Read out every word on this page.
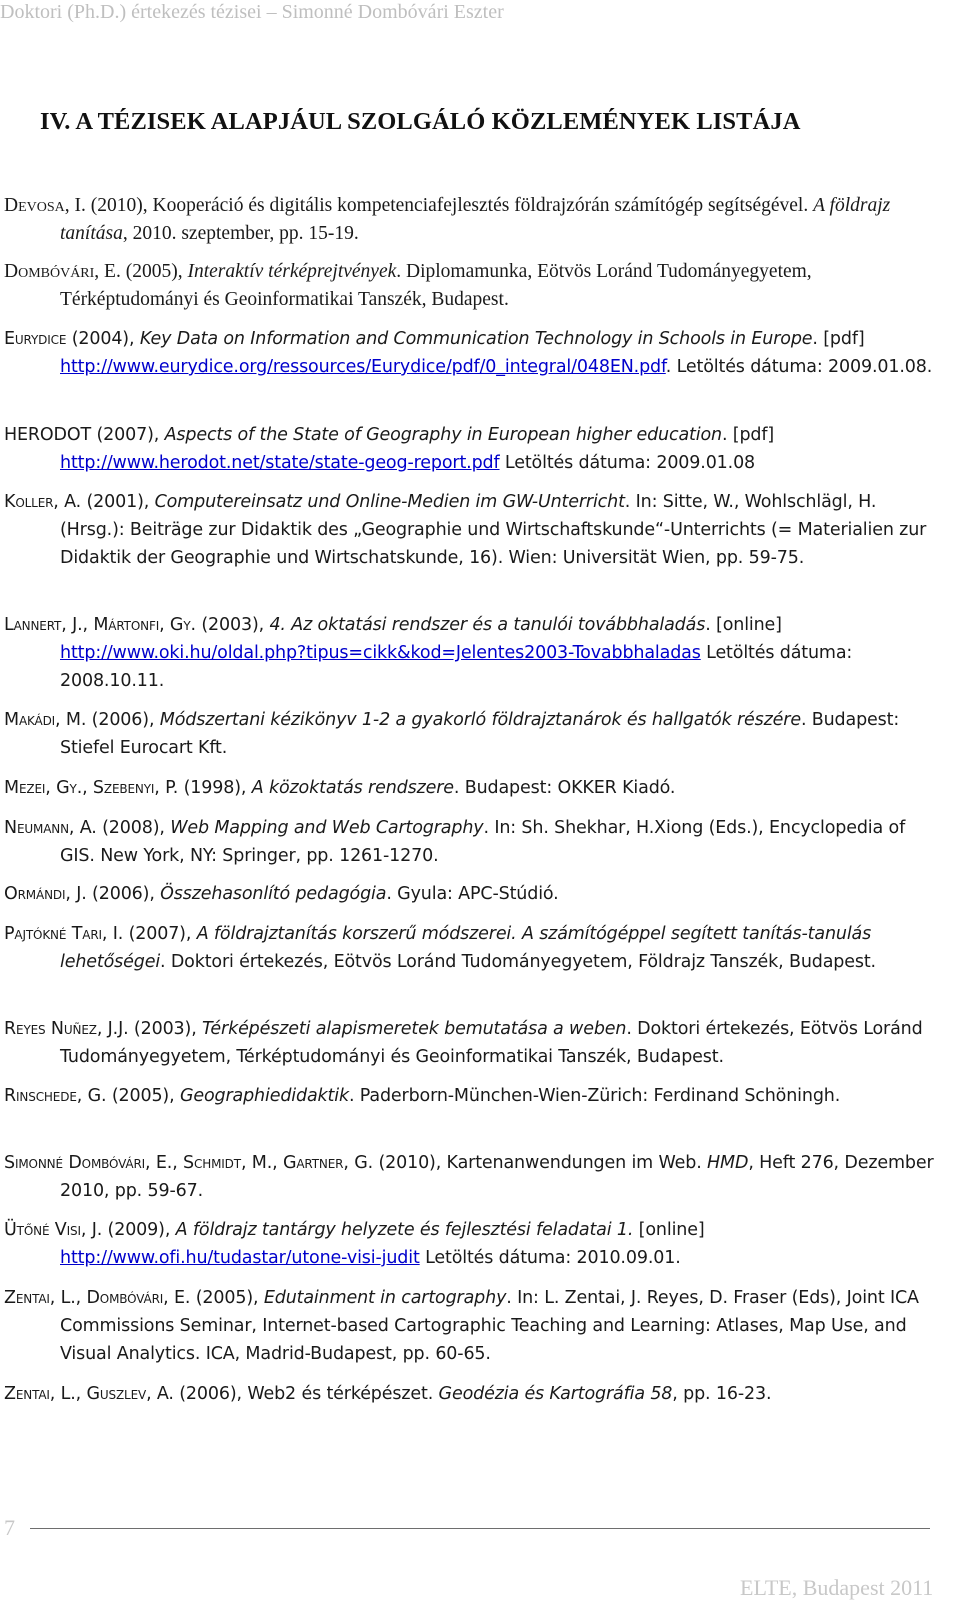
Doktori (Ph.D.) értekezés tézisei – Simonné Dombóvári Eszter
IV. A TÉZISEK ALAPJÁUL SZOLGÁLÓ KÖZLEMÉNYEK LISTÁJA

Devosa, I. (2010), Kooperáció és digitális kompetenciafejlesztés földrajzórán számítógép segítségével. A földrajz tanítása, 2010. szeptember, pp. 15-19.

Dombóvári, E. (2005), Interaktív térképrejtvények. Diplomamunka, Eötvös Loránd Tudományegyetem, Térképtudományi és Geoinformatikai Tanszék, Budapest.

Eurydice (2004), Key Data on Information and Communication Technology in Schools in Europe. [pdf] http://www.eurydice.org/ressources/Eurydice/pdf/0_integral/048EN.pdf. Letöltés dátuma: 2009.01.08.

HERODOT (2007), Aspects of the State of Geography in European higher education. [pdf] http://www.herodot.net/state/state-geog-report.pdf Letöltés dátuma: 2009.01.08

Koller, A. (2001), Computereinsatz und Online-Medien im GW-Unterricht. In: Sitte, W., Wohlschlägl, H. (Hrsg.): Beiträge zur Didaktik des „Geographie und Wirtschaftskunde“-Unterrichts (= Materialien zur Didaktik der Geographie und Wirtschatskunde, 16). Wien: Universität Wien, pp. 59-75.

Lannert, J., Mártonfi, Gy. (2003), 4. Az oktatási rendszer és a tanulói továbbhaladás. [online] http://www.oki.hu/oldal.php?tipus=cikk&kod=Jelentes2003-Tovabbhaladas Letöltés dátuma: 2008.10.11.

Makádi, M. (2006), Módszertani kézikönyv 1-2 a gyakorló földrajztanárok és hallgatók részére. Budapest: Stiefel Eurocart Kft.

Mezei, Gy., Szebenyi, P. (1998), A közoktatás rendszere. Budapest: OKKER Kiadó.

Neumann, A. (2008), Web Mapping and Web Cartography. In: Sh. Shekhar, H.Xiong (Eds.), Encyclopedia of GIS. New York, NY: Springer, pp. 1261-1270.

Ormándi, J. (2006), Összehasonlító pedagógia. Gyula: APC-Stúdió.

Pajtókné Tari, I. (2007), A földrajztanítás korszerű módszerei. A számítógéppel segített tanítás-tanulás lehetőségei. Doktori értekezés, Eötvös Loránd Tudományegyetem, Földrajz Tanszék, Budapest.

Reyes Nuñez, J.J. (2003), Térképészeti alapismeretek bemutatása a weben. Doktori értekezés, Eötvös Loránd Tudományegyetem, Térképtudományi és Geoinformatikai Tanszék, Budapest.

Rinschede, G. (2005), Geographiedidaktik. Paderborn-München-Wien-Zürich: Ferdinand Schöningh.

Simonné Dombóvári, E., Schmidt, M., Gartner, G. (2010), Kartenanwendungen im Web. HMD, Heft 276, Dezember 2010, pp. 59-67.

Ütőné Visi, J. (2009), A földrajz tantárgy helyzete és fejlesztési feladatai 1. [online] http://www.ofi.hu/tudastar/utone-visi-judit Letöltés dátuma: 2010.09.01.

Zentai, L., Dombóvári, E. (2005), Edutainment in cartography. In: L. Zentai, J. Reyes, D. Fraser (Eds), Joint ICA Commissions Seminar, Internet-based Cartographic Teaching and Learning: Atlases, Map Use, and Visual Analytics. ICA, Madrid-Budapest, pp. 60-65.

Zentai, L., Guszlev, A. (2006), Web2 és térképészet. Geodézia és Kartográfia 58, pp. 16-23.

7
ELTE, Budapest 2011
